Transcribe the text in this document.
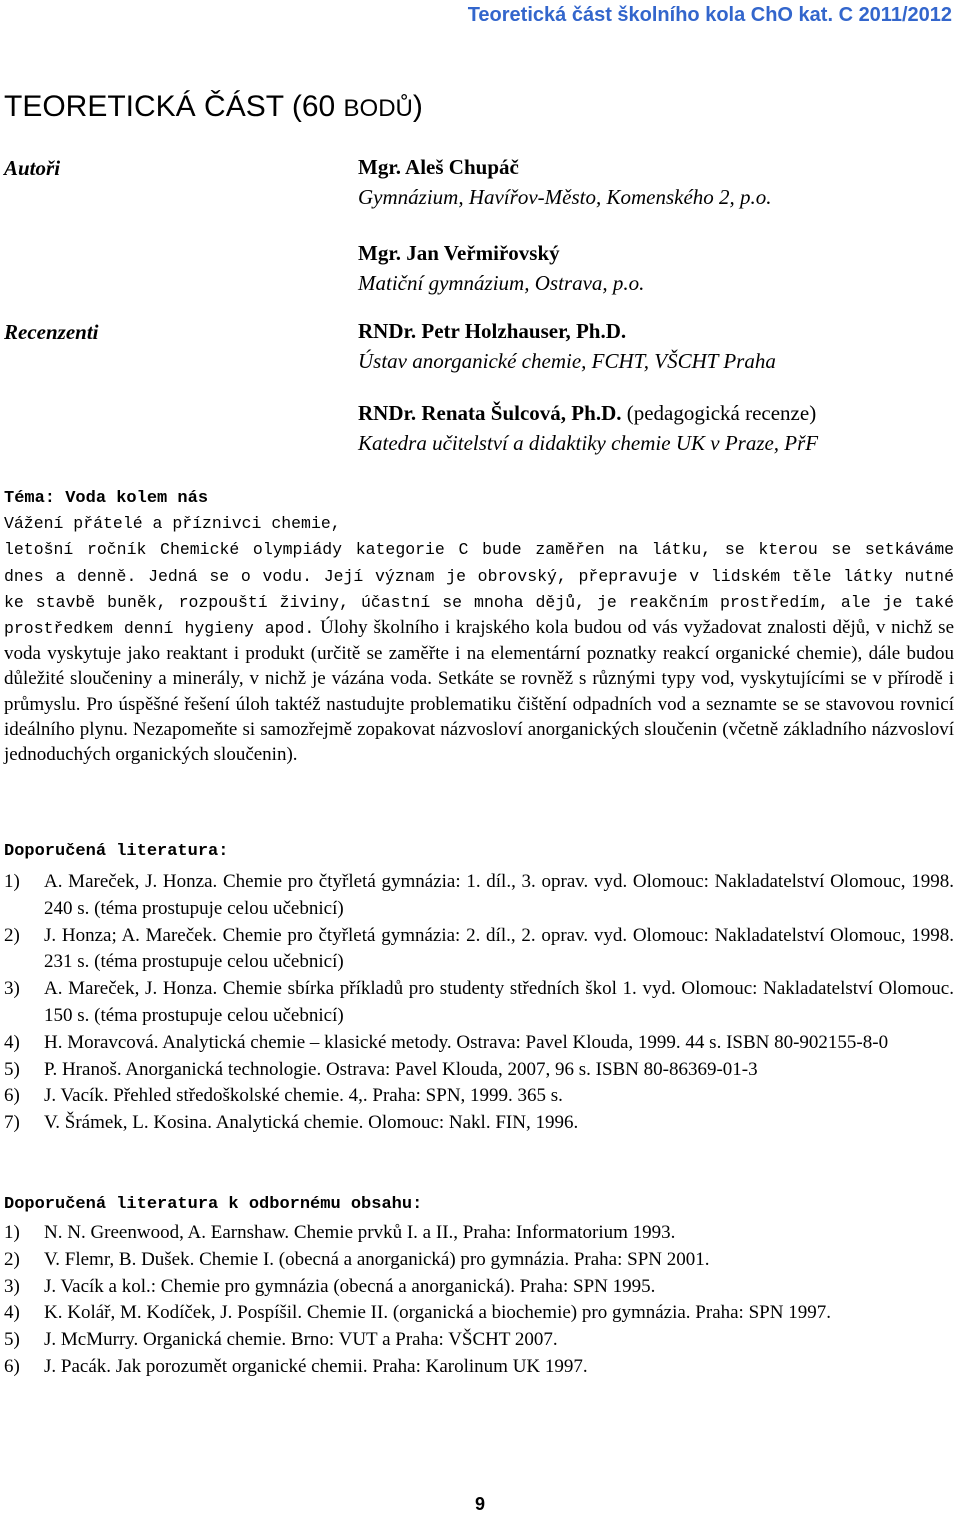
Teoretická část školního kola ChO kat. C 2011/2012
TEORETICKÁ ČÁST (60 BODŮ)
Autoři
Recenzenti
Mgr. Aleš Chupáč
Gymnázium, Havířov-Město, Komenského 2, p.o.
Mgr. Jan Veřmiřovský
Matiční gymnázium, Ostrava, p.o.
RNDr. Petr Holzhauser, Ph.D.
Ústav anorganické chemie, FCHT, VŠCHT Praha
RNDr. Renata Šulcová, Ph.D. (pedagogická recenze)
Katedra učitelství a didaktiky chemie UK v Praze, PřF
Téma: Voda kolem nás
Vážení přátelé a příznivci chemie,

letošní ročník Chemické olympiády kategorie C bude zaměřen na látku, se kterou se setkáváme dnes a denně. Jedná se o vodu. Její význam je obrovský, přepravuje v lidském těle látky nutné ke stavbě buněk, rozpouští živiny, účastní se mnoha dějů, je reakčním prostředím, ale je také prostředkem denní hygieny apod. Úlohy školního i krajského kola budou od vás vyžadovat znalosti dějů, v nichž se voda vyskytuje jako reaktant i produkt (určitě se zaměřte i na elementární poznatky reakcí organické chemie), dále budou důležité sloučeniny a minerály, v nichž je vázána voda. Setkáte se rovněž s různými typy vod, vyskytujícími se v přírodě i průmyslu. Pro úspěšné řešení úloh taktéž nastudujte problematiku čištění odpadních vod a seznamte se se stavovou rovnicí ideálního plynu. Nezapomeňte si samozřejmě zopakovat názvosloví anorganických sloučenin (včetně základního názvosloví jednoduchých organických sloučenin).

Doporučená literatura:
1) A. Mareček, J. Honza. Chemie pro čtyřletá gymnázia: 1. díl., 3. oprav. vyd. Olomouc: Nakladatelství Olomouc, 1998. 240 s. (téma prostupuje celou učebnicí)
2) J. Honza; A. Mareček. Chemie pro čtyřletá gymnázia: 2. díl., 2. oprav. vyd. Olomouc: Nakladatelství Olomouc, 1998. 231 s. (téma prostupuje celou učebnicí)
3) A. Mareček, J. Honza. Chemie sbírka příkladů pro studenty středních škol 1. vyd. Olomouc: Nakladatelství Olomouc. 150 s. (téma prostupuje celou učebnicí)
4) H. Moravcová. Analytická chemie – klasické metody. Ostrava: Pavel Klouda, 1999. 44 s. ISBN 80-902155-8-0
5) P. Hranoš. Anorganická technologie. Ostrava: Pavel Klouda, 2007, 96 s. ISBN 80-86369-01-3
6) J. Vacík. Přehled středoškolské chemie. 4,. Praha: SPN, 1999. 365 s.
7) V. Šrámek, L. Kosina. Analytická chemie. Olomouc: Nakl. FIN, 1996.
Doporučená literatura k odbornému obsahu:
1) N. N. Greenwood, A. Earnshaw. Chemie prvků I. a II., Praha: Informatorium 1993.
2) V. Flemr, B. Dušek. Chemie I. (obecná a anorganická) pro gymnázia. Praha: SPN 2001.
3) J. Vacík a kol.: Chemie pro gymnázia (obecná a anorganická). Praha: SPN 1995.
4) K. Kolář, M. Kodíček, J. Pospíšil. Chemie II. (organická a biochemie) pro gymnázia. Praha: SPN 1997.
5) J. McMurry. Organická chemie. Brno: VUT a Praha: VŠCHT 2007.
6) J. Pacák. Jak porozumět organické chemii. Praha: Karolinum UK 1997.
9
